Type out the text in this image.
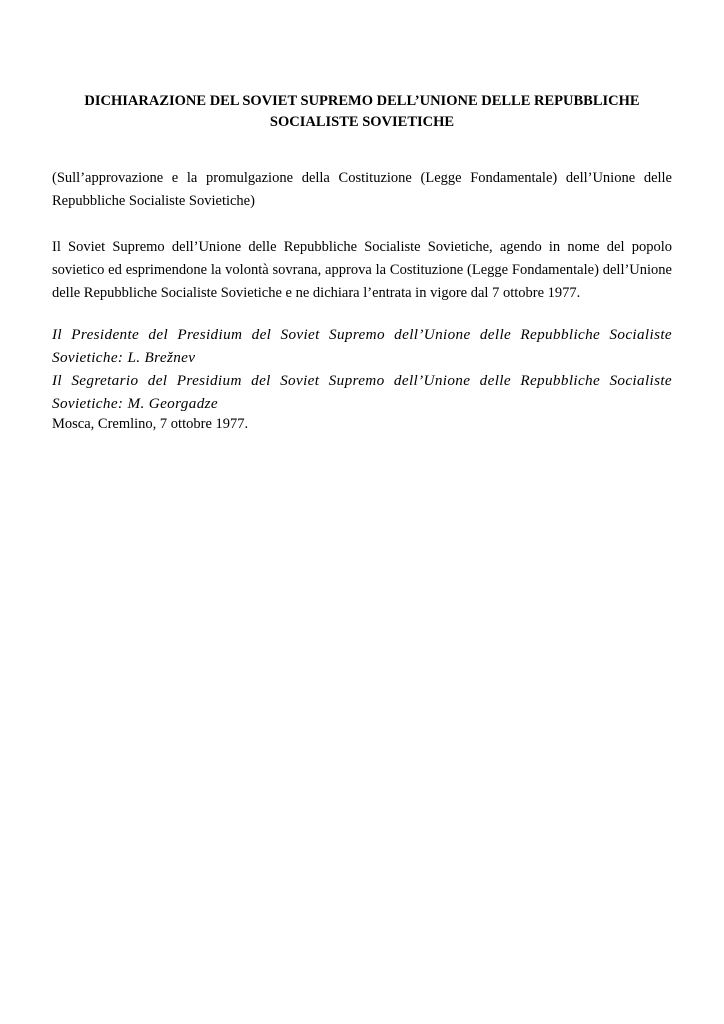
DICHIARAZIONE DEL SOVIET SUPREMO DELL’UNIONE DELLE REPUBBLICHE
SOCIALISTE SOVIETICHE

(Sull’approvazione e la promulgazione della Costituzione (Legge Fondamentale) dell’Unione delle Repubbliche Socialiste Sovietiche)

Il Soviet Supremo dell’Unione delle Repubbliche Socialiste Sovietiche, agendo in nome del popolo sovietico ed esprimendone la volontà sovrana, approva la Costituzione (Legge Fondamentale) dell’Unione delle Repubbliche Socialiste Sovietiche e ne dichiara l’entrata in vigore dal 7 ottobre 1977.

Il Presidente del Presidium del Soviet Supremo dell’Unione delle Repubbliche Socialiste Sovietiche: L. Brežnev

Il Segretario del Presidium del Soviet Supremo dell’Unione delle Repubbliche Socialiste Sovietiche: M. Georgadze

Mosca, Cremlino, 7 ottobre 1977.
